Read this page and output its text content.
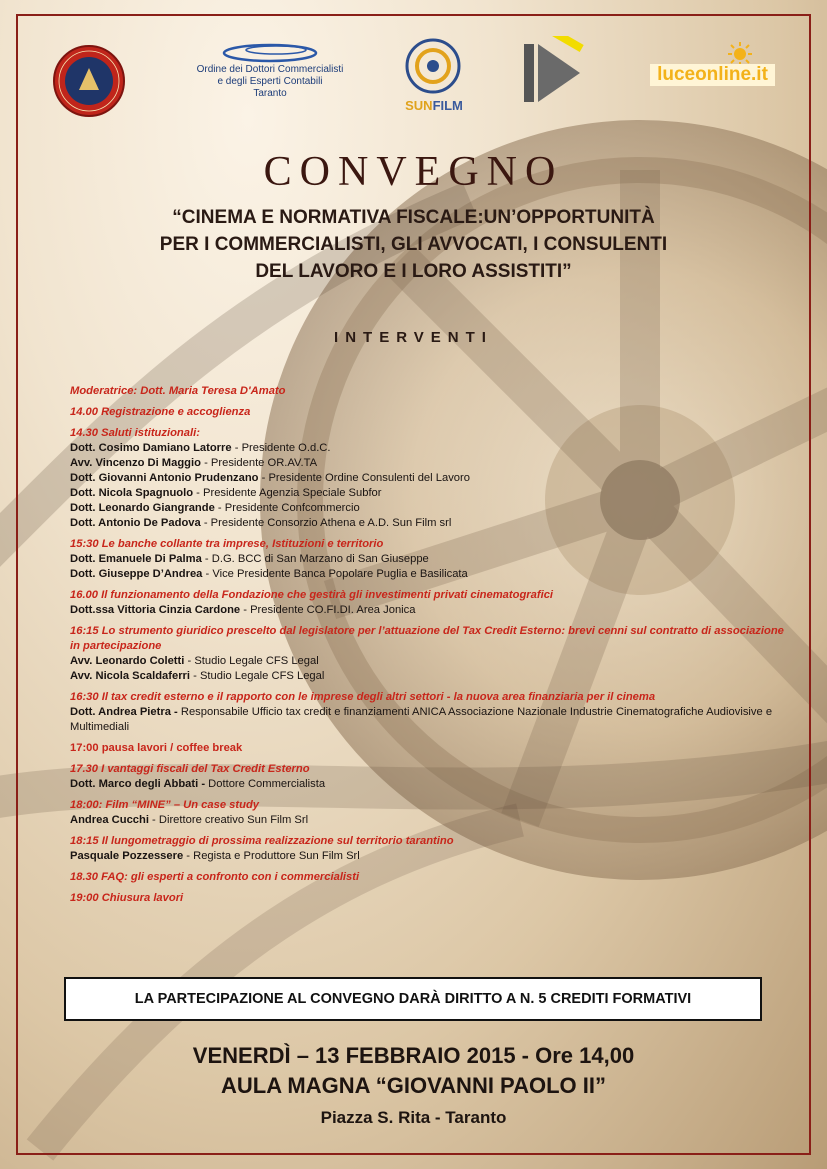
Ordine dei Dottori Commercialisti
e degli Esperti Contabili
Taranto
SUNFILM
luceonline.it
CONVEGNO
“CINEMA E NORMATIVA FISCALE:UN’OPPORTUNITÀ
PER I COMMERCIALISTI, GLI AVVOCATI, I CONSULENTI
DEL LAVORO E I LORO ASSISTITI”
INTERVENTI
Moderatrice: Dott. Maria Teresa D'Amato
14.00 Registrazione e accoglienza
14.30 Saluti istituzionali:
Dott. Cosimo Damiano Latorre - Presidente O.d.C.
Avv. Vincenzo Di Maggio - Presidente OR.AV.TA
Dott. Giovanni Antonio Prudenzano - Presidente Ordine Consulenti del Lavoro
Dott. Nicola Spagnuolo - Presidente Agenzia Speciale Subfor
Dott. Leonardo Giangrande - Presidente Confcommercio
Dott. Antonio De Padova - Presidente Consorzio Athena e A.D. Sun Film srl
15:30 Le banche collante tra imprese, Istituzioni e territorio
Dott. Emanuele Di Palma - D.G. BCC di San Marzano di San Giuseppe
Dott. Giuseppe D’Andrea - Vice Presidente Banca Popolare Puglia e Basilicata
16.00 Il funzionamento della Fondazione che gestirà gli investimenti privati cinematografici
Dott.ssa Vittoria Cinzia Cardone - Presidente CO.FI.DI. Area Jonica
16:15 Lo strumento giuridico prescelto dal legislatore per l’attuazione del Tax Credit Esterno: brevi cenni sul contratto di associazione in partecipazione
Avv. Leonardo Coletti - Studio Legale CFS Legal
Avv. Nicola Scaldaferri - Studio Legale CFS Legal
16:30 Il tax credit esterno e il rapporto con le imprese degli altri settori - la nuova area finanziaria per il cinema
Dott. Andrea Pietra - Responsabile Ufficio tax credit e finanziamenti ANICA Associazione Nazionale Industrie Cinematografiche Audiovisive e Multimediali
17:00 pausa lavori / coffee break
17.30 I vantaggi fiscali del Tax Credit Esterno
Dott. Marco degli Abbati - Dottore Commercialista
18:00: Film “MINE” – Un case study
Andrea Cucchi - Direttore creativo Sun Film Srl
18:15 Il lungometraggio di prossima realizzazione sul territorio tarantino
Pasquale Pozzessere - Regista e Produttore Sun Film Srl
18.30 FAQ: gli esperti a confronto con i commercialisti
19:00 Chiusura lavori
LA PARTECIPAZIONE AL CONVEGNO DARÀ DIRITTO A N. 5 CREDITI FORMATIVI
VENERDÌ – 13 FEBBRAIO 2015 - Ore 14,00
AULA MAGNA “GIOVANNI PAOLO II”
Piazza S. Rita - Taranto
